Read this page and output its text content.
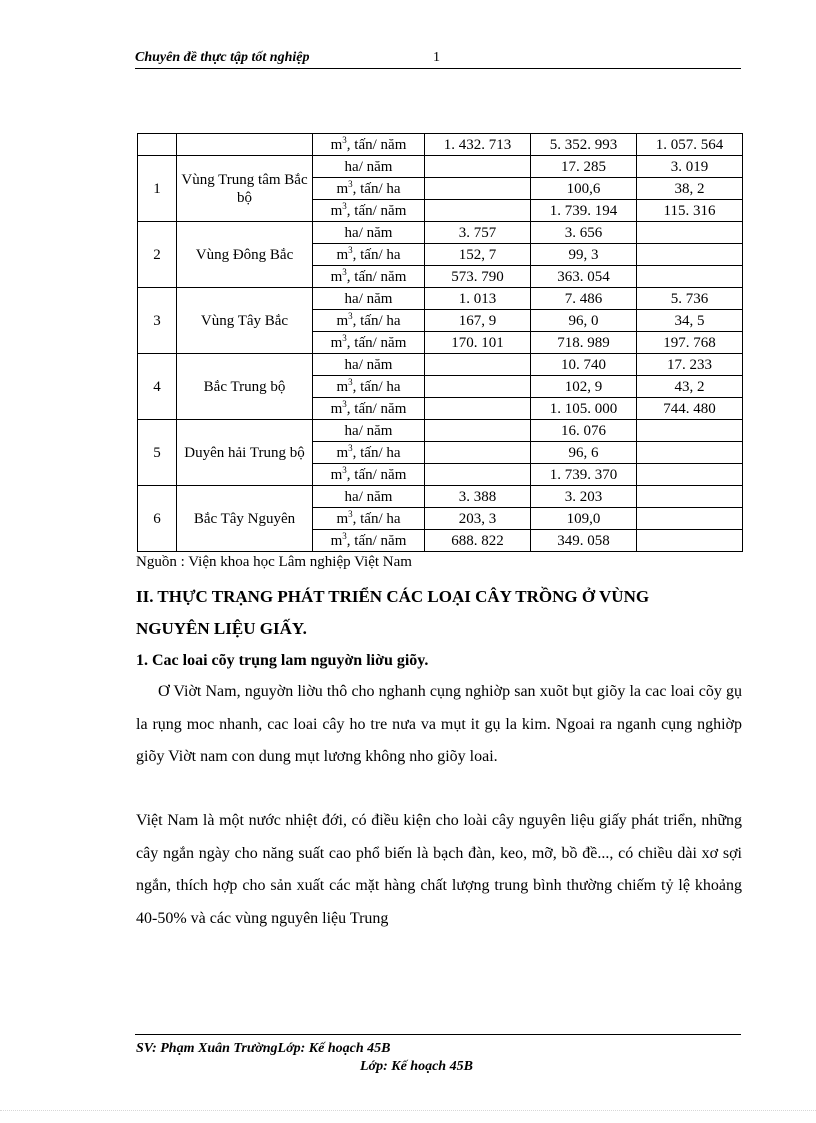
Chuyên đề thực tập tốt nghiệp	1
		$m^3$, tấn/ năm	1. 432. 713	5. 352. 993	1. 057. 564
1	Vùng Trung tâm Bắc bộ	ha/ năm		17. 285	3. 019
		$m^3$, tấn/ ha		100,6	38, 2
		$m^3$, tấn/ năm		1. 739. 194	115. 316
2	Vùng Đông Bắc	ha/ năm	3. 757	3. 656	
		$m^3$, tấn/ ha	152, 7	99, 3	
		$m^3$, tấn/ năm	573. 790	363. 054	
3	Vùng Tây Bắc	ha/ năm	1. 013	7. 486	5. 736
		$m^3$, tấn/ ha	167, 9	96, 0	34, 5
		$m^3$, tấn/ năm	170. 101	718. 989	197. 768
4	Bắc Trung bộ	ha/ năm		10. 740	17. 233
		$m^3$, tấn/ ha		102, 9	43, 2
		$m^3$, tấn/ năm		1. 105. 000	744. 480
5	Duyên hải Trung bộ	ha/ năm		16. 076	
		$m^3$, tấn/ ha		96, 6	
		$m^3$, tấn/ năm		1. 739. 370	
6	Bắc Tây Nguyên	ha/ năm	3. 388	3. 203	
		$m^3$, tấn/ ha	203, 3	109,0	
		$m^3$, tấn/ năm	688. 822	349. 058	
Nguồn : Viện khoa học Lâm nghiệp Việt Nam
II. THỰC TRẠNG PHÁT TRIỂN CÁC LOẠI CÂY TRỒNG Ở VÙNG
NGUYÊN LIỆU GIẤY.
1. Cac loai cõy trụng lam nguyờn liờu giõy.

Ơ Viờt Nam, nguyờn liờu thô cho nghanh cụng nghiờp san xuõt bụt giõy la cac loai cõy gụ la rụng moc nhanh, cac loai cây ho tre nưa va mụt it gụ la kim. Ngoai ra nganh cụng nghiờp giõy Viờt nam con dung mụt lương không nho giõy loai.

Việt Nam là một nước nhiệt đới, có điều kiện cho loài cây nguyên liệu giấy phát triển, những cây ngắn ngày cho năng suất cao phổ biến là bạch đàn, keo, mỡ, bồ đề..., có chiều dài xơ sợi ngắn, thích hợp cho sản xuất các mặt hàng chất lượng trung bình thường chiếm tỷ lệ khoảng 40-50% và các vùng nguyên liệu Trung

SV: Phạm Xuân TrườngLớp: Kế hoạch 45B
Lớp: Kế hoạch 45B
